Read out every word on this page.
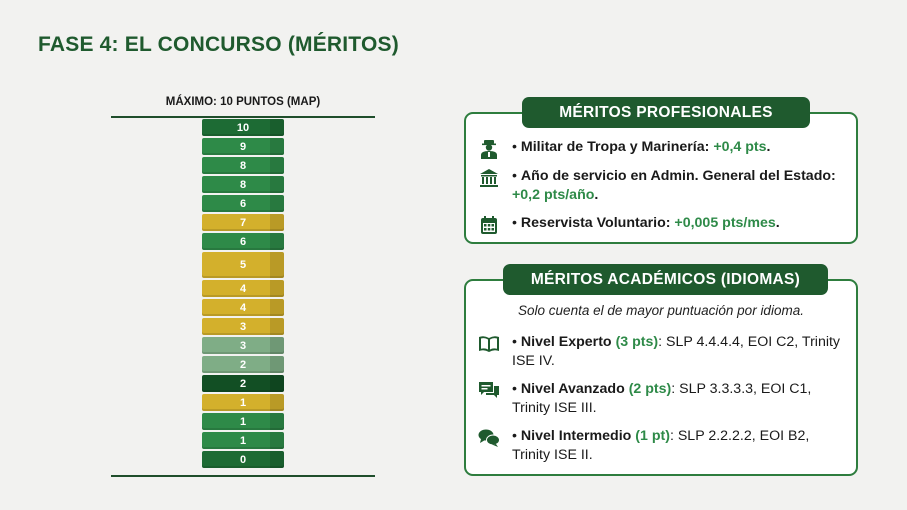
FASE 4: EL CONCURSO (MÉRITOS)
MÁXIMO: 10 PUNTOS (MAP)
10
9
8
8
6
7
6
5
4
4
3
3
2
2
1
1
1
0
• Militar de Tropa y Marinería: +0,4 pts.
• Año de servicio en Admin. General del Estado: +0,2 pts/año.
• Reservista Voluntario: +0,005 pts/mes.
MÉRITOS PROFESIONALES
Solo cuenta el de mayor puntuación por idioma.
• Nivel Experto (3 pts): SLP 4.4.4.4, EOI C2, Trinity ISE IV.
• Nivel Avanzado (2 pts): SLP 3.3.3.3, EOI C1, Trinity ISE III.
• Nivel Intermedio (1 pt): SLP 2.2.2.2, EOI B2, Trinity ISE II.
MÉRITOS ACADÉMICOS (IDIOMAS)
